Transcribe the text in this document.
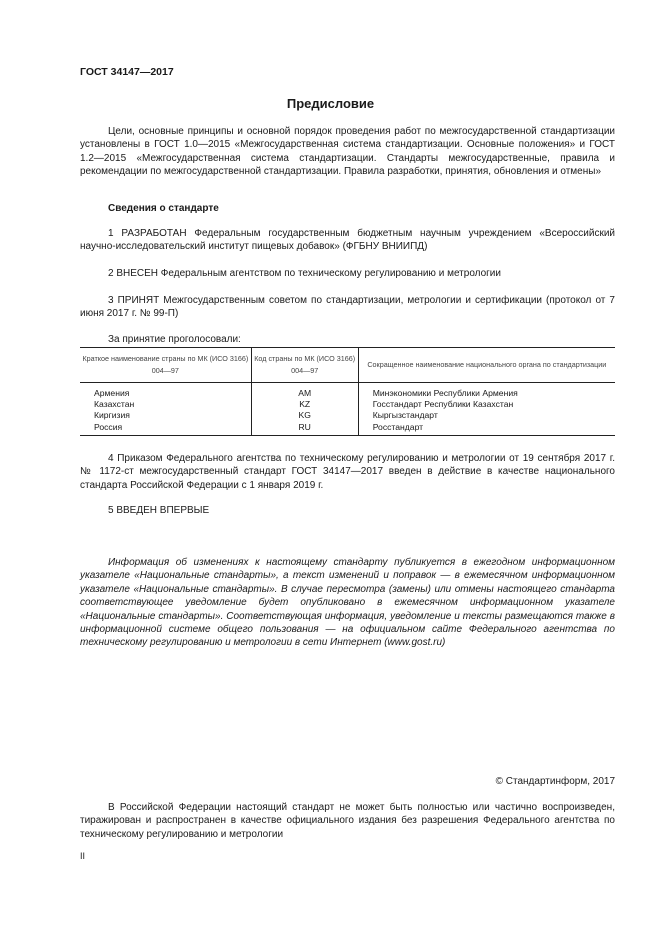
ГОСТ 34147—2017
Предисловие

Цели, основные принципы и основной порядок проведения работ по межгосударственной стандартизации установлены в ГОСТ 1.0—2015 «Межгосударственная система стандартизации. Основные положения» и ГОСТ 1.2—2015 «Межгосударственная система стандартизации. Стандарты межгосударственные, правила и рекомендации по межгосударственной стандартизации. Правила разработки, принятия, обновления и отмены»

Сведения о стандарте

1 РАЗРАБОТАН Федеральным государственным бюджетным научным учреждением «Всероссийский научно-исследовательский институт пищевых добавок» (ФГБНУ ВНИИПД)

2 ВНЕСЕН Федеральным агентством по техническому регулированию и метрологии

3 ПРИНЯТ Межгосударственным советом по стандартизации, метрологии и сертификации (протокол от 7 июня 2017 г. № 99-П)

За принятие проголосовали:
Краткое наименование страны по МК (ИСО 3166) 004—97	Код страны по МК (ИСО 3166) 004—97	Сокращенное наименование национального органа по стандартизации
Армения	AM	Минэкономики Республики Армения
Казахстан	KZ	Госстандарт Республики Казахстан
Киргизия	KG	Кыргызстандарт
Россия	RU	Росстандарт

4 Приказом Федерального агентства по техническому регулированию и метрологии от 19 сентября 2017 г. № 1172-ст межгосударственный стандарт ГОСТ 34147—2017 введен в действие в качестве национального стандарта Российской Федерации с 1 января 2019 г.

5 ВВЕДЕН ВПЕРВЫЕ

Информация об изменениях к настоящему стандарту публикуется в ежегодном информационном указателе «Национальные стандарты», а текст изменений и поправок — в ежемесячном информационном указателе «Национальные стандарты». В случае пересмотра (замены) или отмены настоящего стандарта соответствующее уведомление будет опубликовано в ежемесячном информационном указателе «Национальные стандарты». Соответствующая информация, уведомление и тексты размещаются также в информационной системе общего пользования — на официальном сайте Федерального агентства по техническому регулированию и метрологии в сети Интернет (www.gost.ru)

© Стандартинформ, 2017

В Российской Федерации настоящий стандарт не может быть полностью или частично воспроизведен, тиражирован и распространен в качестве официального издания без разрешения Федерального агентства по техническому регулированию и метрологии

II
